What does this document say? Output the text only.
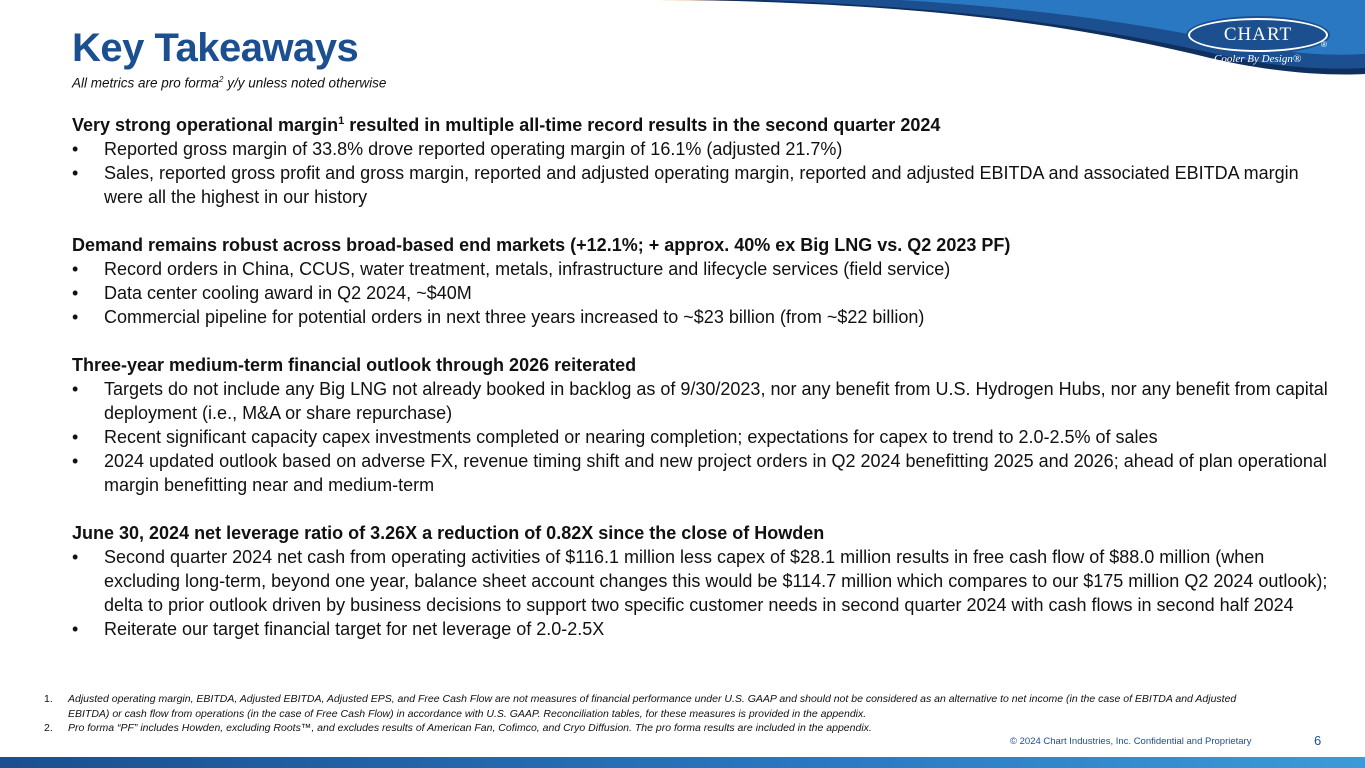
CHART	®
Cooler By Design®
Key Takeaways
All metrics are pro forma$^2$ y/y unless noted otherwise
Very strong operational margin$^1$ resulted in multiple all-time record results in the second quarter 2024
• Reported gross margin of 33.8% drove reported operating margin of 16.1% (adjusted 21.7%)
• Sales, reported gross profit and gross margin, reported and adjusted operating margin, reported and adjusted EBITDA and associated EBITDA margin were all the highest in our history
Demand remains robust across broad-based end markets (+12.1%; + approx. 40% ex Big LNG vs. Q2 2023 PF)
• Record orders in China, CCUS, water treatment, metals, infrastructure and lifecycle services (field service)
• Data center cooling award in Q2 2024, ~$40M
• Commercial pipeline for potential orders in next three years increased to ~$23 billion (from ~$22 billion)
Three-year medium-term financial outlook through 2026 reiterated
• Targets do not include any Big LNG not already booked in backlog as of 9/30/2023, nor any benefit from U.S. Hydrogen Hubs, nor any benefit from capital deployment (i.e., M&A or share repurchase)
• Recent significant capacity capex investments completed or nearing completion; expectations for capex to trend to 2.0-2.5% of sales
• 2024 updated outlook based on adverse FX, revenue timing shift and new project orders in Q2 2024 benefitting 2025 and 2026; ahead of plan operational margin benefitting near and medium-term
June 30, 2024 net leverage ratio of 3.26X a reduction of 0.82X since the close of Howden
• Second quarter 2024 net cash from operating activities of $116.1 million less capex of $28.1 million results in free cash flow of $88.0 million (when excluding long-term, beyond one year, balance sheet account changes this would be $114.7 million which compares to our $175 million Q2 2024 outlook); delta to prior outlook driven by business decisions to support two specific customer needs in second quarter 2024 with cash flows in second half 2024
• Reiterate our target financial target for net leverage of 2.0-2.5X
1. Adjusted operating margin, EBITDA, Adjusted EBITDA, Adjusted EPS, and Free Cash Flow are not measures of financial performance under U.S. GAAP and should not be considered as an alternative to net income (in the case of EBITDA and Adjusted EBITDA) or cash flow from operations (in the case of Free Cash Flow) in accordance with U.S. GAAP. Reconciliation tables, for these measures is provided in the appendix.
2. Pro forma “PF” includes Howden, excluding Roots™, and excludes results of American Fan, Cofimco, and Cryo Diffusion. The pro forma results are included in the appendix.
© 2024 Chart Industries, Inc. Confidential and Proprietary	6
